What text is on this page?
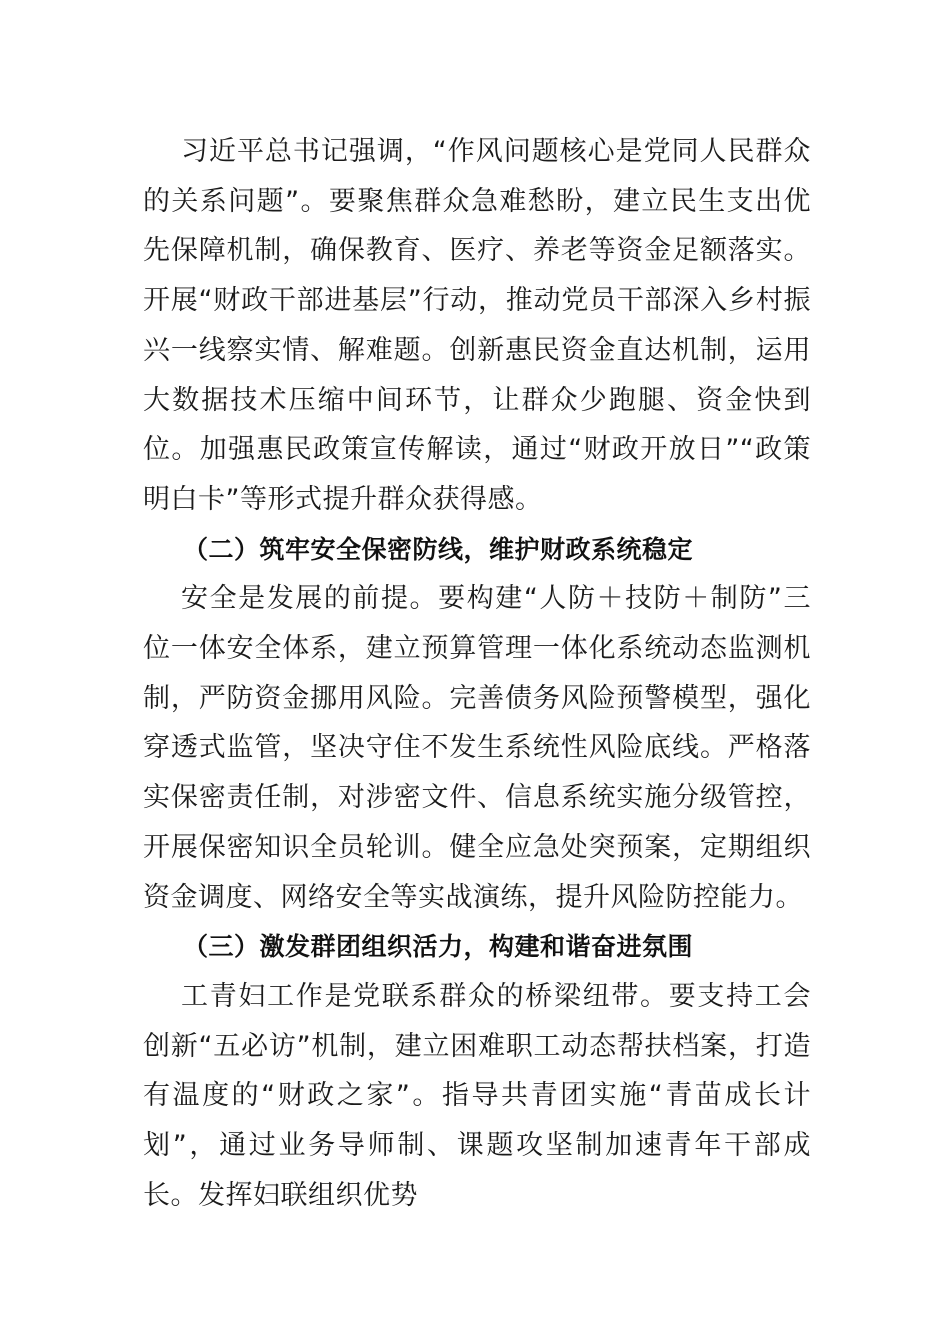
习近平总书记强调，“作风问题核心是党同人民群众的关系问题”。要聚焦群众急难愁盼，建立民生支出优先保障机制，确保教育、医疗、养老等资金足额落实。开展“财政干部进基层”行动，推动党员干部深入乡村振兴一线察实情、解难题。创新惠民资金直达机制，运用大数据技术压缩中间环节，让群众少跑腿、资金快到位。加强惠民政策宣传解读，通过“财政开放日”“政策明白卡”等形式提升群众获得感。

（二）筑牢安全保密防线，维护财政系统稳定

安全是发展的前提。要构建“人防＋技防＋制防”三位一体安全体系，建立预算管理一体化系统动态监测机制，严防资金挪用风险。完善债务风险预警模型，强化穿透式监管，坚决守住不发生系统性风险底线。严格落实保密责任制，对涉密文件、信息系统实施分级管控，开展保密知识全员轮训。健全应急处突预案，定期组织资金调度、网络安全等实战演练，提升风险防控能力。

（三）激发群团组织活力，构建和谐奋进氛围

工青妇工作是党联系群众的桥梁纽带。要支持工会创新“五必访”机制，建立困难职工动态帮扶档案，打造有温度的“财政之家”。指导共青团实施“青苗成长计划”，通过业务导师制、课题攻坚制加速青年干部成长。发挥妇联组织优势
